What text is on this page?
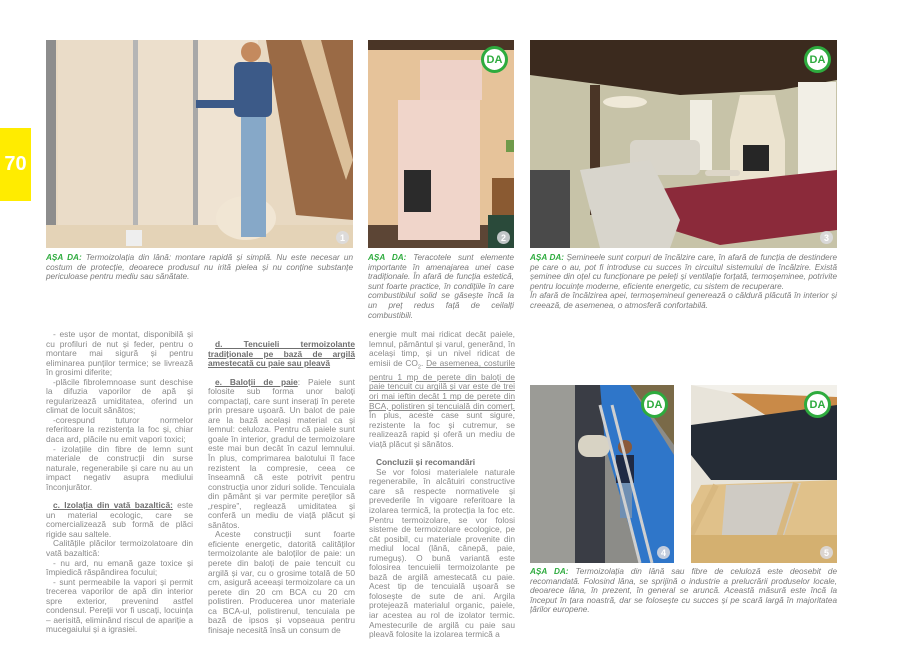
70
1
DA
2
DA
3
DA
4
DA
5
AȘA DA: Termoizolația din lână: montare rapidă și simplă. Nu este necesar un costum de protecție, deoarece produsul nu irită pielea și nu conține substanțe periculoase pentru mediu sau sănătate.
AȘA DA: Teracotele sunt elemente importante în amenajarea unei case tradiționale. În afară de funcția estetică, sunt foarte practice, în condițiile în care combustibilul solid se găsește încă la un preț redus față de ceilalți combustibili.
AȘA DA: Șemineele sunt corpuri de încălzire care, în afară de funcția de destindere pe care o au, pot fi introduse cu succes în circuitul sistemului de încălzire. Există șeminee din oțel cu funcționare pe peleți și ventilație forțată, termoșeminee, potrivite pentru locuințe moderne, eficiente energetic, cu sistem de recuperare.
În afară de încălzirea apei, termoșemineul generează o căldură plăcută în interior și creează, de asemenea, o atmosferă confortabilă.
AȘA DA: Termoizolația din lână sau fibre de celuloză este deosebit de recomandată. Folosind lâna, se sprijină o industrie a prelucrării produselor locale, deoarece lâna, în prezent, în general se aruncă. Această măsură este încă la început în țara noastră, dar se folosește cu succes și pe scară largă în majoritatea țărilor europene.

- este ușor de montat, disponibilă și cu profiluri de nut și feder, pentru o montare mai sigură și pentru eliminarea punților termice; se livrează în grosimi diferite;

-plăcile fibrolemnoase sunt deschise la difuzia vaporilor de apă și regularizează umiditatea, oferind un climat de locuit sănătos;

-corespund tuturor normelor referitoare la rezistența la foc și, chiar daca ard, plăcile nu emit vapori toxici;

- izolațiile din fibre de lemn sunt materiale de construcții din surse naturale, regenerabile și care nu au un impact negativ asupra mediului înconjurător.

c. Izolația din vată bazaltică: este un material ecologic, care se comercializează sub formă de plăci rigide sau saltele.

Calitățile plăcilor termoizolatoare din vată bazaltică:

- nu ard, nu emană gaze toxice și împiedică răspândirea focului;

- sunt permeabile la vapori și permit trecerea vaporilor de apă din interior spre exterior, prevenind astfel condensul. Pereții vor fi uscați, locuința – aerisită, eliminând riscul de apariție a mucegaiului și a igrasiei.

d. Tencuieli termoizolante tradiționale pe bază de argilă amestecată cu paie sau pleavă

e. Baloții de paie: Paiele sunt folosite sub forma unor baloți compactați, care sunt inserați în perete prin presare ușoară. Un balot de paie are la bază același material ca și lemnul: celuloza. Pentru că paiele sunt goale în interior, gradul de termoizolare este mai bun decât în cazul lemnului. În plus, comprimarea balotului îl face rezistent la compresie, ceea ce înseamnă că este potrivit pentru construcția unor ziduri solide. Tencuiala din pământ și var permite pereților să „respire”, reglează umiditatea și conferă un mediu de viață plăcut și sănătos.

Aceste construcții sunt foarte eficiente energetic, datorită calităților termoizolante ale baloților de paie: un perete din baloți de paie tencuit cu argilă și var, cu o grosime totală de 50 cm, asigură aceeași termoizolare ca un perete din 20 cm BCA cu 20 cm polistiren. Producerea unor materiale ca BCA-ul, polistirenul, tencuiala pe bază de ipsos și vopseaua pentru finisaje necesită însă un consum de

energie mult mai ridicat decât paiele, lemnul, pământul și varul, generând, în același timp, și un nivel ridicat de emisii de $CO_2$. De asemenea, costurile pentru 1 mp de perete din baloți de paie tencuit cu argilă și var este de trei ori mai ieftin decât 1 mp de perete din BCA, polistiren și tencuială din comerț. În plus, aceste case sunt sigure, rezistente la foc și cutremur, se realizează rapid și oferă un mediu de viață plăcut și sănătos.

Concluzii și recomandări

Se vor folosi materialele naturale regenerabile, în alcătuiri constructive care să respecte normativele și prevederile în vigoare referitoare la izolarea termică, la protecția la foc etc. Pentru termoizolare, se vor folosi sisteme de termoizolare ecologice, pe cât posibil, cu materiale provenite din mediul local (lână, cânepă, paie, rumeguș). O bună variantă este folosirea tencuielii termoizolante pe bază de argilă amestecată cu paie. Acest tip de tencuială ușoară se folosește de sute de ani. Argila protejează materialul organic, paiele, iar acestea au rol de izolator termic. Amestecurile de argilă cu paie sau pleavă folosite la izolarea termică a
